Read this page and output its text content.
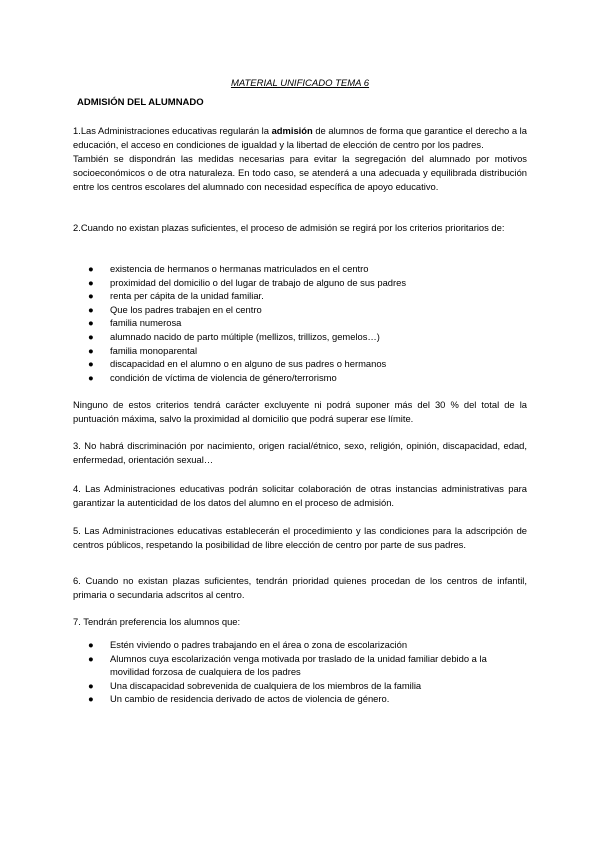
MATERIAL UNIFICADO TEMA 6
ADMISIÓN DEL ALUMNADO

1.Las Administraciones educativas regularán la admisión de alumnos de forma que garantice el derecho a la educación, el acceso en condiciones de igualdad y la libertad de elección de centro por los padres.

También se dispondrán las medidas necesarias para evitar la segregación del alumnado por motivos socioeconómicos o de otra naturaleza. En todo caso, se atenderá a una adecuada y equilibrada distribución entre los centros escolares del alumnado con necesidad específica de apoyo educativo.

2.Cuando no existan plazas suficientes, el proceso de admisión se regirá por los criterios prioritarios de:
● existencia de hermanos o hermanas matriculados en el centro
● proximidad del domicilio o del lugar de trabajo de alguno de sus padres
● renta per cápita de la unidad familiar.
● Que los padres trabajen en el centro
● familia numerosa
● alumnado nacido de parto múltiple (mellizos, trillizos, gemelos…)
● familia monoparental
● discapacidad en el alumno o en alguno de sus padres o hermanos
● condición de víctima de violencia de género/terrorismo
Ninguno de estos criterios tendrá carácter excluyente ni podrá suponer más del 30 % del total de la puntuación máxima, salvo la proximidad al domicilio que podrá superar ese límite.
3. No habrá discriminación por nacimiento, origen racial/étnico, sexo, religión, opinión, discapacidad, edad, enfermedad, orientación sexual…
4. Las Administraciones educativas podrán solicitar colaboración de otras instancias administrativas para garantizar la autenticidad de los datos del alumno en el proceso de admisión.
5. Las Administraciones educativas establecerán el procedimiento y las condiciones para la adscripción de centros públicos, respetando la posibilidad de libre elección de centro por parte de sus padres.
6. Cuando no existan plazas suficientes, tendrán prioridad quienes procedan de los centros de infantil, primaria o secundaria adscritos al centro.
7. Tendrán preferencia los alumnos que:
● Estén viviendo o padres trabajando en el área o zona de escolarización
● Alumnos cuya escolarización venga motivada por traslado de la unidad familiar debido a la movilidad forzosa de cualquiera de los padres
● Una discapacidad sobrevenida de cualquiera de los miembros de la familia
● Un cambio de residencia derivado de actos de violencia de género.
